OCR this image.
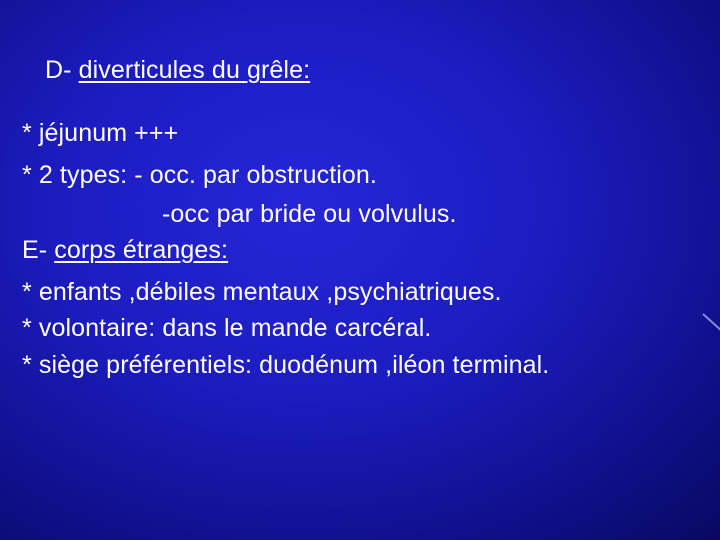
D- diverticules du grêle:
* jéjunum +++
* 2 types: - occ. par obstruction.
-occ par bride ou volvulus.
E- corps étranges:
* enfants ,débiles mentaux ,psychiatriques.
* volontaire: dans le mande carcéral.
* siège préférentiels: duodénum ,iléon terminal.
